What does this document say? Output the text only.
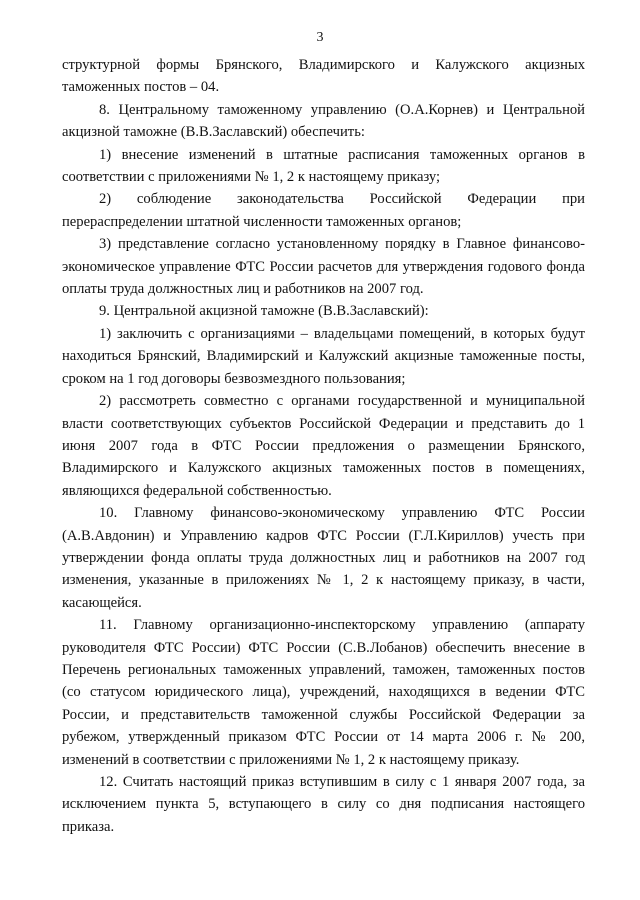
3

структурной формы Брянского, Владимирского и Калужского акцизных таможенных постов – 04.

8. Центральному таможенному управлению (О.А.Корнев) и Центральной акцизной таможне (В.В.Заславский) обеспечить:

1) внесение изменений в штатные расписания таможенных органов в соответствии с приложениями № 1, 2 к настоящему приказу;

2) соблюдение законодательства Российской Федерации при перераспределении штатной численности таможенных органов;

3) представление согласно установленному порядку в Главное финансово-экономическое управление ФТС России расчетов для утверждения годового фонда оплаты труда должностных лиц и работников на 2007 год.

9. Центральной акцизной таможне (В.В.Заславский):

1) заключить с организациями – владельцами помещений, в которых будут находиться Брянский, Владимирский и Калужский акцизные таможенные посты, сроком на 1 год договоры безвозмездного пользования;

2) рассмотреть совместно с органами государственной и муниципальной власти соответствующих субъектов Российской Федерации и представить до 1 июня 2007 года в ФТС России предложения о размещении Брянского, Владимирского и Калужского акцизных таможенных постов в помещениях, являющихся федеральной собственностью.

10. Главному финансово-экономическому управлению ФТС России (А.В.Авдонин) и Управлению кадров ФТС России (Г.Л.Кириллов) учесть при утверждении фонда оплаты труда должностных лиц и работников на 2007 год изменения, указанные в приложениях № 1, 2 к настоящему приказу, в части, касающейся.

11. Главному организационно-инспекторскому управлению (аппарату руководителя ФТС России) ФТС России (С.В.Лобанов) обеспечить внесение в Перечень региональных таможенных управлений, таможен, таможенных постов (со статусом юридического лица), учреждений, находящихся в ведении ФТС России, и представительств таможенной службы Российской Федерации за рубежом, утвержденный приказом ФТС России от 14 марта 2006 г. № 200, изменений в соответствии с приложениями № 1, 2 к настоящему приказу.

12. Считать настоящий приказ вступившим в силу с 1 января 2007 года, за исключением пункта 5, вступающего в силу со дня подписания настоящего приказа.
